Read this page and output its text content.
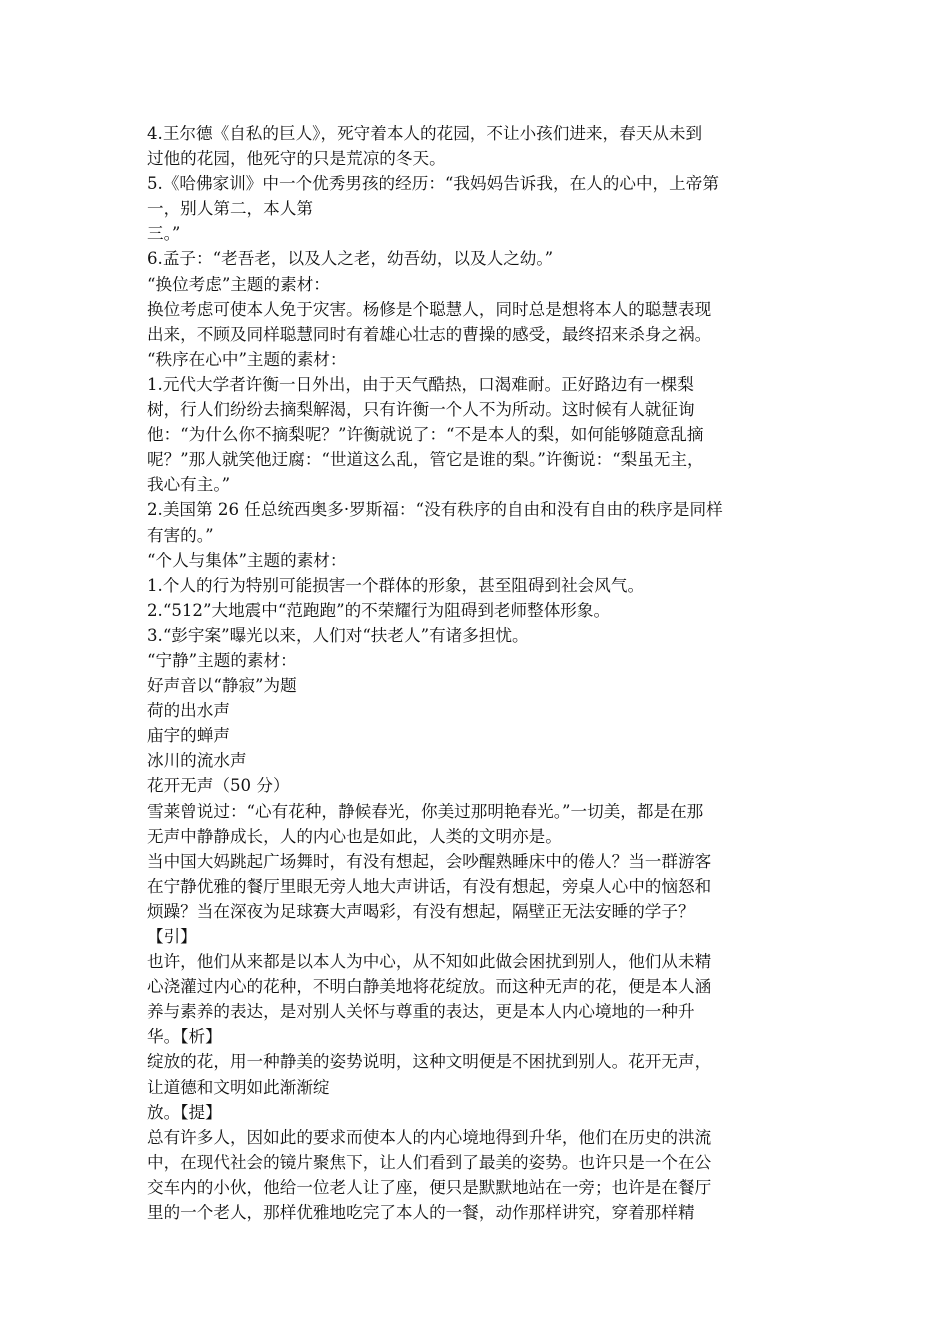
4.王尔德《自私的巨人》，死守着本人的花园，不让小孩们进来，春天从未到
过他的花园，他死守的只是荒凉的冬天。
5.《哈佛家训》中一个优秀男孩的经历：“我妈妈告诉我，在人的心中，上帝第
一，别人第二，本人第
三。”
6.孟子：“老吾老，以及人之老，幼吾幼，以及人之幼。”
“换位考虑”主题的素材：
换位考虑可使本人免于灾害。杨修是个聪慧人，同时总是想将本人的聪慧表现
出来，不顾及同样聪慧同时有着雄心壮志的曹操的感受，最终招来杀身之祸。
“秩序在心中”主题的素材：
1.元代大学者许衡一日外出，由于天气酷热，口渴难耐。正好路边有一棵梨
树，行人们纷纷去摘梨解渴，只有许衡一个人不为所动。这时候有人就征询
他：“为什么你不摘梨呢？”许衡就说了：“不是本人的梨，如何能够随意乱摘
呢？”那人就笑他迂腐：“世道这么乱，管它是谁的梨。”许衡说：“梨虽无主，
我心有主。”
2.美国第 26 任总统西奥多·罗斯福：“没有秩序的自由和没有自由的秩序是同样
有害的。”
“个人与集体”主题的素材：
1.个人的行为特别可能损害一个群体的形象，甚至阻碍到社会风气。
2.“512”大地震中“范跑跑”的不荣耀行为阻碍到老师整体形象。
3.“彭宇案”曝光以来，人们对“扶老人”有诸多担忧。
“宁静”主题的素材：
好声音以“静寂”为题
荷的出水声
庙宇的蝉声
冰川的流水声
花开无声（50 分）
雪莱曾说过：“心有花种，静候春光，你美过那明艳春光。”一切美，都是在那
无声中静静成长，人的内心也是如此，人类的文明亦是。
当中国大妈跳起广场舞时，有没有想起，会吵醒熟睡床中的倦人？当一群游客
在宁静优雅的餐厅里眼无旁人地大声讲话，有没有想起，旁桌人心中的恼怒和
烦躁？当在深夜为足球赛大声喝彩，有没有想起，隔壁正无法安睡的学子？
【引】
也许，他们从来都是以本人为中心，从不知如此做会困扰到别人，他们从未精
心浇灌过内心的花种，不明白静美地将花绽放。而这种无声的花，便是本人涵
养与素养的表达，是对别人关怀与尊重的表达，更是本人内心境地的一种升
华。【析】
绽放的花，用一种静美的姿势说明，这种文明便是不困扰到别人。花开无声，
让道德和文明如此渐渐绽
放。【提】
总有许多人，因如此的要求而使本人的内心境地得到升华，他们在历史的洪流
中，在现代社会的镜片聚焦下，让人们看到了最美的姿势。也许只是一个在公
交车内的小伙，他给一位老人让了座，便只是默默地站在一旁；也许是在餐厅
里的一个老人，那样优雅地吃完了本人的一餐，动作那样讲究，穿着那样精
